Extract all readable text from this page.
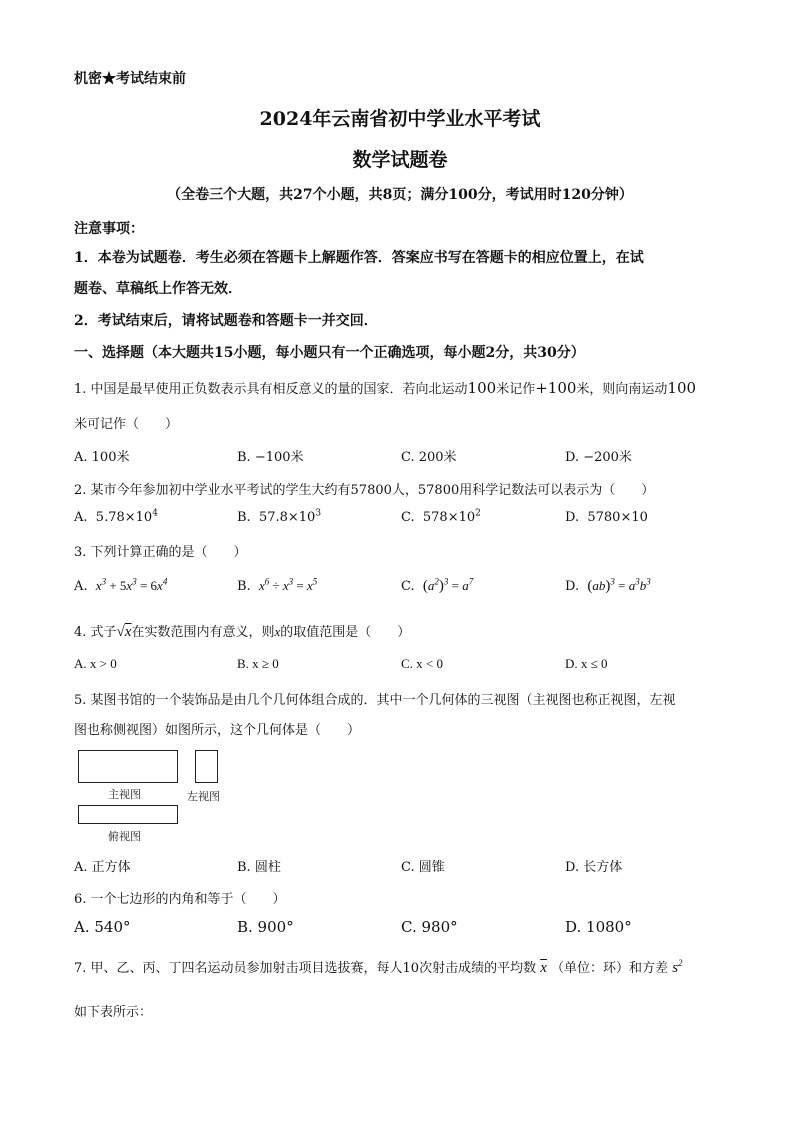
机密★考试结束前
2024年云南省初中学业水平考试
数学试题卷
（全卷三个大题，共27个小题，共8页；满分100分，考试用时120分钟）
注意事项：
1．本卷为试题卷．考生必须在答题卡上解题作答．答案应书写在答题卡的相应位置上，在试
题卷、草稿纸上作答无效．
2．考试结束后，请将试题卷和答题卡一并交回．
一、选择题（本大题共15小题，每小题只有一个正确选项，每小题2分，共30分）
1. 中国是最早使用正负数表示具有相反意义的量的国家．若向北运动100米记作+100米，则向南运动100
米可记作（　　）
A. 100米	B. −100米	C. 200米	D. −200米
2. 某市今年参加初中学业水平考试的学生大约有57800人，57800用科学记数法可以表示为（　　）
A. $5.78\times 10^4$	B. $57.8\times 10^3$	C. $578\times 10^2$	D. 5780×10
3. 下列计算正确的是（　　）
A. $x^3 + 5x^3 = 6x^4$	B. $x^6 \div x^3 = x^5$	C. $(a^2)^3 = a^7$	D. $(ab)^3 = a^3b^3$
4. 式子√x在实数范围内有意义，则x的取值范围是（　　）
A. x > 0	B. x ≥ 0	C. x < 0	D. x ≤ 0
5. 某图书馆的一个装饰品是由几个几何体组合成的．其中一个几何体的三视图（主视图也称正视图，左视
图也称侧视图）如图所示，这个几何体是（　　）
主视图	左视图
俯视图
A. 正方体	B. 圆柱	C. 圆锥	D. 长方体
6. 一个七边形的内角和等于（　　）
A. 540°	B. 900°	C. 980°	D. 1080°
7. 甲、乙、丙、丁四名运动员参加射击项目选拔赛，每人10次射击成绩的平均数 $\overline{x}$ （单位：环）和方差 $s^2$
如下表所示：
